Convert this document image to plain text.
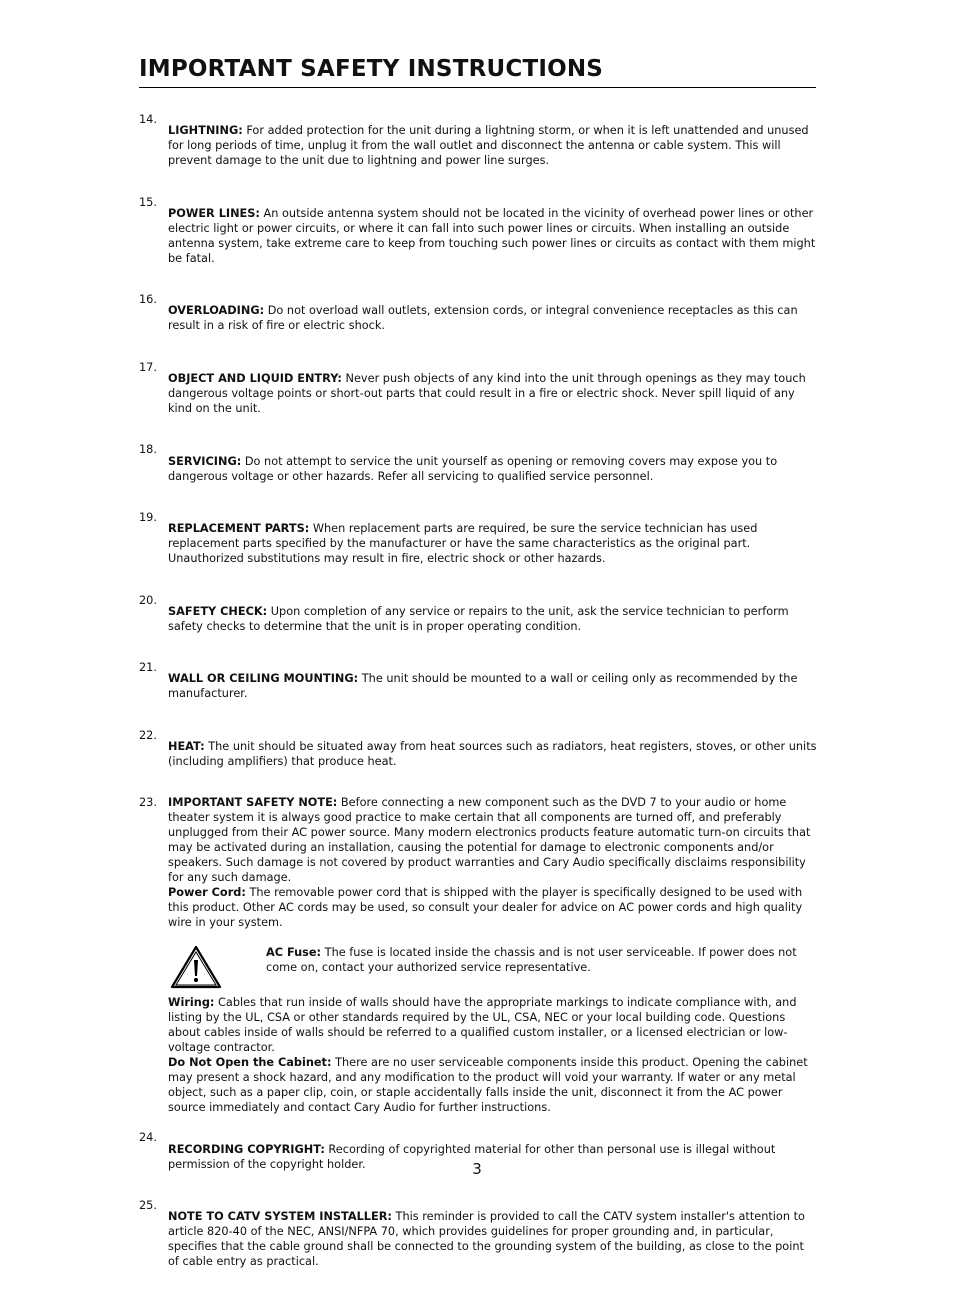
IMPORTANT SAFETY INSTRUCTIONS
14.

LIGHTNING: For added protection for the unit during a lightning storm, or when it is left unattended and unused for long periods of time, unplug it from the wall outlet and disconnect the antenna or cable system. This will prevent damage to the unit due to lightning and power line surges.

15.

POWER LINES: An outside antenna system should not be located in the vicinity of overhead power lines or other electric light or power circuits, or where it can fall into such power lines or circuits. When installing an outside antenna system, take extreme care to keep from touching such power lines or circuits as contact with them might be fatal.

16.

OVERLOADING: Do not overload wall outlets, extension cords, or integral convenience receptacles as this can result in a risk of fire or electric shock.

17.

OBJECT AND LIQUID ENTRY: Never push objects of any kind into the unit through openings as they may touch dangerous voltage points or short-out parts that could result in a fire or electric shock. Never spill liquid of any kind on the unit.

18.

SERVICING: Do not attempt to service the unit yourself as opening or removing covers may expose you to dangerous voltage or other hazards. Refer all servicing to qualified service personnel.

19.

REPLACEMENT PARTS: When replacement parts are required, be sure the service technician has used replacement parts specified by the manufacturer or have the same characteristics as the original part. Unauthorized substitutions may result in fire, electric shock or other hazards.

20.

SAFETY CHECK: Upon completion of any service or repairs to the unit, ask the service technician to perform safety checks to determine that the unit is in proper operating condition.

21.

WALL OR CEILING MOUNTING: The unit should be mounted to a wall or ceiling only as recommended by the manufacturer.

22.

HEAT: The unit should be situated away from heat sources such as radiators, heat registers, stoves, or other units (including amplifiers) that produce heat.

23. IMPORTANT SAFETY NOTE: Before connecting a new component such as the DVD 7 to your audio or home theater system it is always good practice to make certain that all components are turned off, and preferably unplugged from their AC power source. Many modern electronics products feature automatic turn-on circuits that may be activated during an installation, causing the potential for damage to electronic components and/or speakers. Such damage is not covered by product warranties and Cary Audio specifically disclaims responsibility for any such damage.

Power Cord: The removable power cord that is shipped with the player is specifically designed to be used with this product. Other AC cords may be used, so consult your dealer for advice on AC power cords and high quality wire in your system.

AC Fuse: The fuse is located inside the chassis and is not user serviceable. If power does not come on, contact your authorized service representative.

Wiring: Cables that run inside of walls should have the appropriate markings to indicate compliance with, and listing by the UL, CSA or other standards required by the UL, CSA, NEC or your local building code. Questions about cables inside of walls should be referred to a qualified custom installer, or a licensed electrician or low-voltage contractor.

Do Not Open the Cabinet: There are no user serviceable components inside this product. Opening the cabinet may present a shock hazard, and any modification to the product will void your warranty. If water or any metal object, such as a paper clip, coin, or staple accidentally falls inside the unit, disconnect it from the AC power source immediately and contact Cary Audio for further instructions.

24.

RECORDING COPYRIGHT: Recording of copyrighted material for other than personal use is illegal without permission of the copyright holder.

25.

NOTE TO CATV SYSTEM INSTALLER: This reminder is provided to call the CATV system installer's attention to article 820-40 of the NEC, ANSI/NFPA 70, which provides guidelines for proper grounding and, in particular, specifies that the cable ground shall be connected to the grounding system of the building, as close to the point of cable entry as practical.

3
